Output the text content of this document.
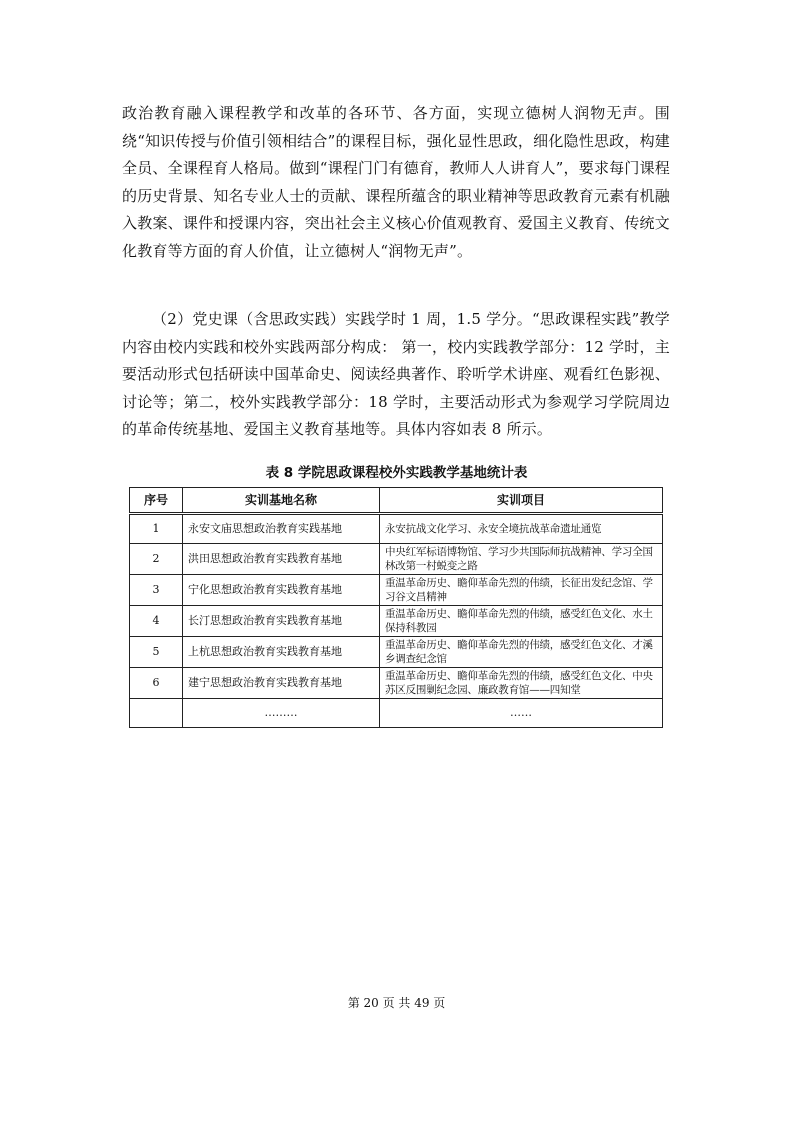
政治教育融入课程教学和改革的各环节、各方面，实现立德树人润物无声。围绕“知识传授与价值引领相结合”的课程目标，强化显性思政，细化隐性思政，构建全员、全课程育人格局。做到“课程门门有德育，教师人人讲育人”，要求每门课程的历史背景、知名专业人士的贡献、课程所蕴含的职业精神等思政教育元素有机融入教案、课件和授课内容，突出社会主义核心价值观教育、爱国主义教育、传统文化教育等方面的育人价值，让立德树人“润物无声”。

（2）党史课（含思政实践）实践学时 1 周，1.5 学分。“思政课程实践”教学内容由校内实践和校外实践两部分构成： 第一，校内实践教学部分：12 学时，主要活动形式包括研读中国革命史、阅读经典著作、聆听学术讲座、观看红色影视、讨论等；第二，校外实践教学部分：18 学时，主要活动形式为参观学习学院周边的革命传统基地、爱国主义教育基地等。具体内容如表 8 所示。

表 8 学院思政课程校外实践教学基地统计表

序号	实训基地名称	实训项目
1	永安文庙思想政治教育实践基地	永安抗战文化学习、永安全境抗战革命遗址通览
2	洪田思想政治教育实践教育基地	中央红军标语博物馆、学习少共国际师抗战精神、学习全国林改第一村蜕变之路
3	宁化思想政治教育实践教育基地	重温革命历史、瞻仰革命先烈的伟绩，长征出发纪念馆、学习谷文昌精神
4	长汀思想政治教育实践教育基地	重温革命历史、瞻仰革命先烈的伟绩，感受红色文化、水土保持科教园
5	上杭思想政治教育实践教育基地	重温革命历史、瞻仰革命先烈的伟绩，感受红色文化、才溪乡调查纪念馆
6	建宁思想政治教育实践教育基地	重温革命历史、瞻仰革命先烈的伟绩，感受红色文化、中央苏区反围剿纪念园、廉政教育馆——四知堂
	………	……

第 20 页 共 49 页
